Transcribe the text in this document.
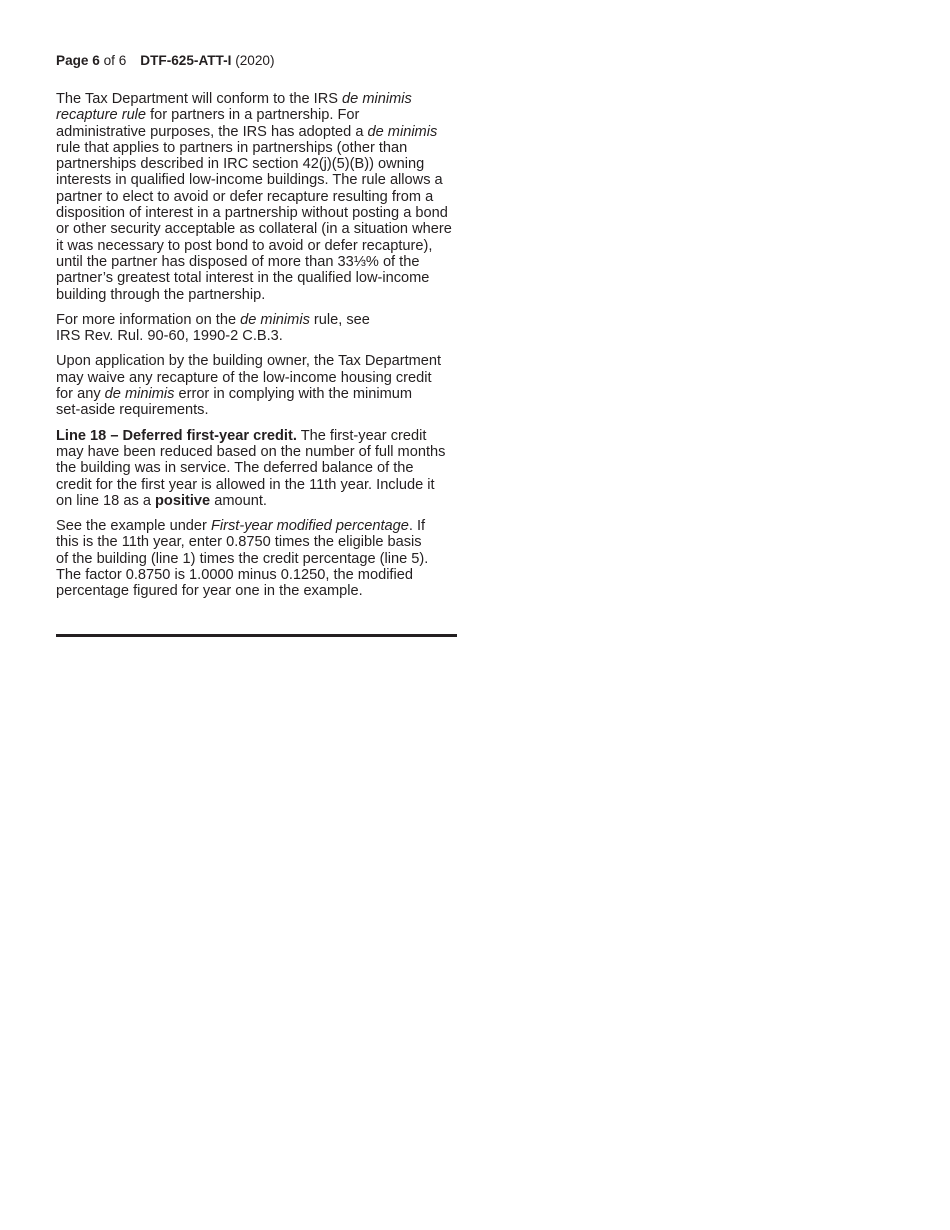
Page 6 of 6 DTF-625-ATT-I (2020)

The Tax Department will conform to the IRS de minimis
recapture rule for partners in a partnership. For
administrative purposes, the IRS has adopted a de minimis
rule that applies to partners in partnerships (other than
partnerships described in IRC section 42(j)(5)(B)) owning
interests in qualified low-income buildings. The rule allows a
partner to elect to avoid or defer recapture resulting from a
disposition of interest in a partnership without posting a bond
or other security acceptable as collateral (in a situation where
it was necessary to post bond to avoid or defer recapture),
until the partner has disposed of more than 33⅓% of the
partner’s greatest total interest in the qualified low-income
building through the partnership.

For more information on the de minimis rule, see
IRS Rev. Rul. 90-60, 1990-2 C.B.3.

Upon application by the building owner, the Tax Department
may waive any recapture of the low-income housing credit
for any de minimis error in complying with the minimum
set-aside requirements.

Line 18 – Deferred first-year credit. The first-year credit
may have been reduced based on the number of full months
the building was in service. The deferred balance of the
credit for the first year is allowed in the 11th year. Include it
on line 18 as a positive amount.

See the example under First-year modified percentage. If
this is the 11th year, enter 0.8750 times the eligible basis
of the building (line 1) times the credit percentage (line 5).
The factor 0.8750 is 1.0000 minus 0.1250, the modified
percentage figured for year one in the example.
